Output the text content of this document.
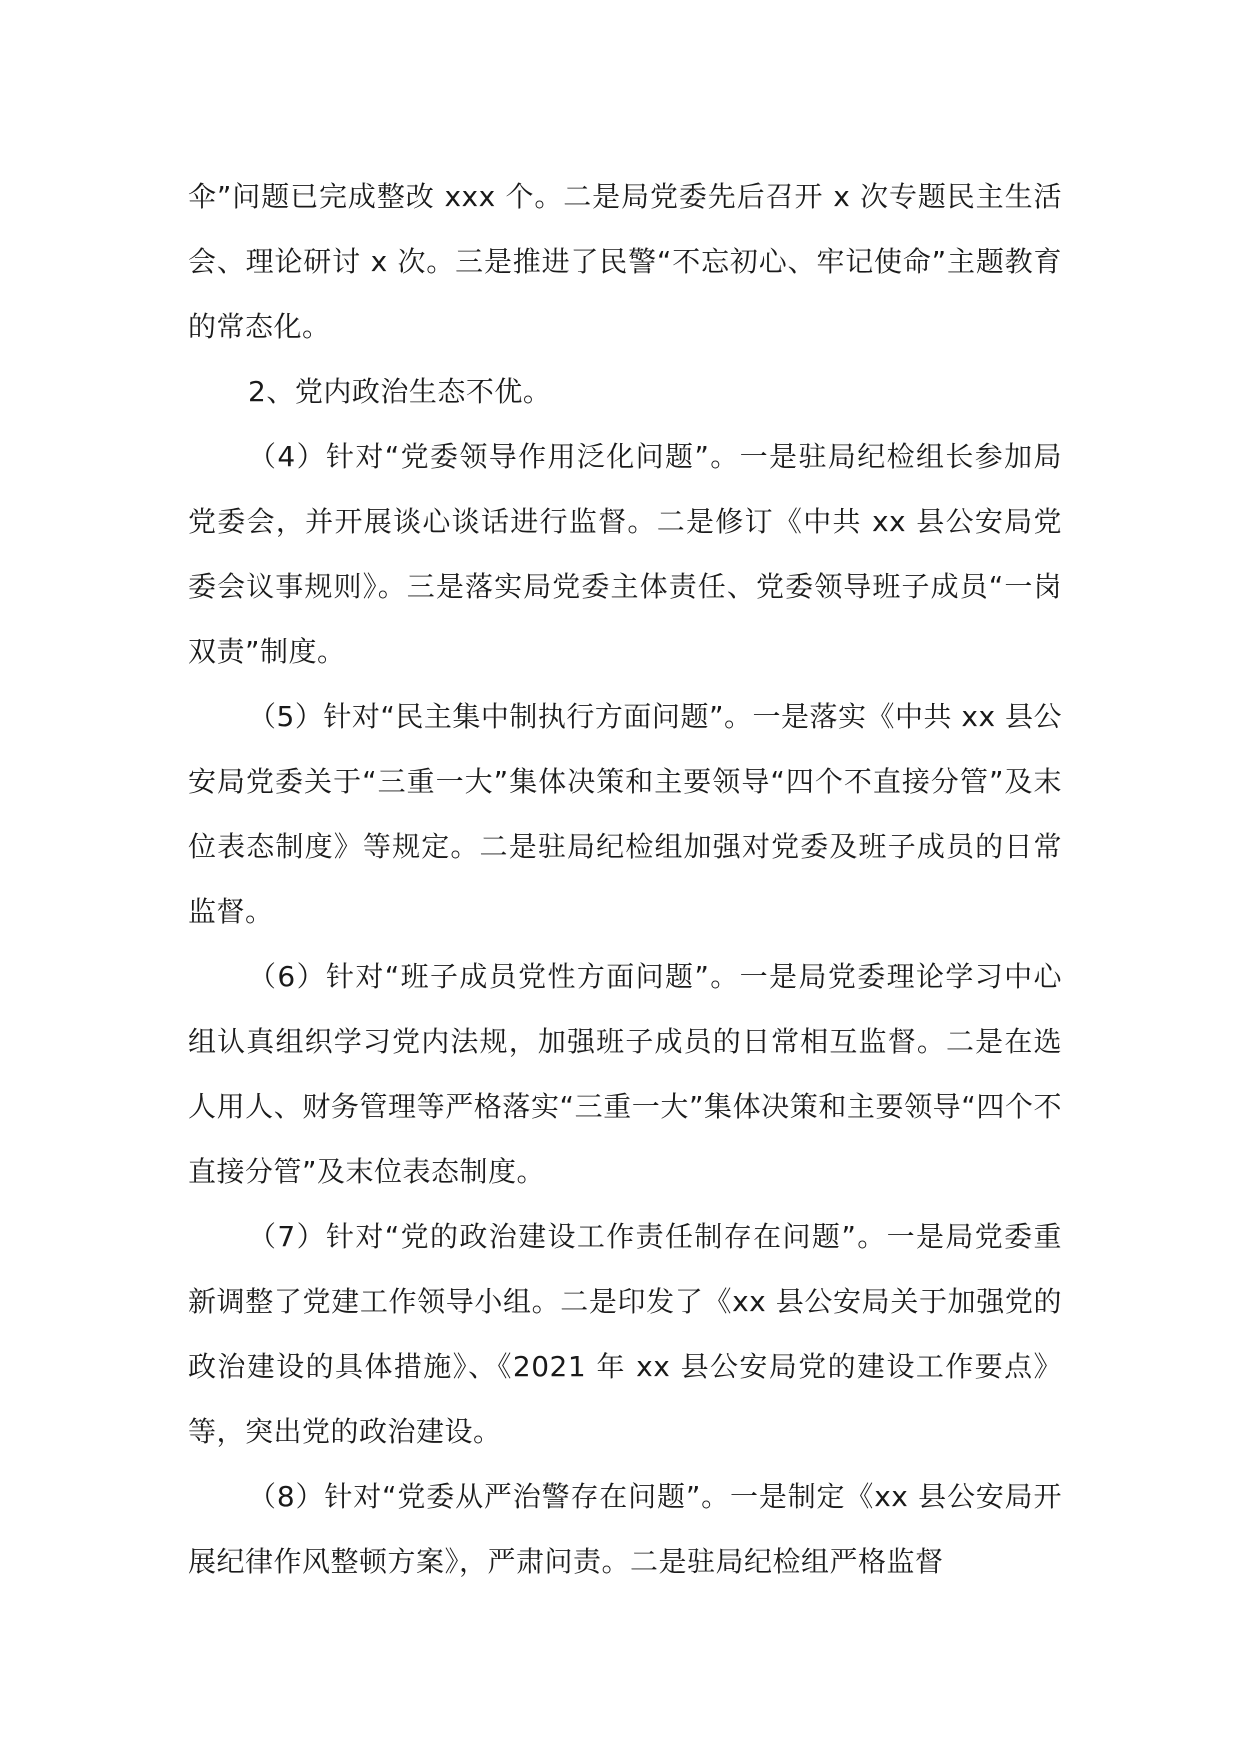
伞”问题已完成整改 xxx 个。二是局党委先后召开 x 次专题民主生活会、理论研讨 x 次。三是推进了民警“不忘初心、牢记使命”主题教育的常态化。

2、党内政治生态不优。

（4）针对“党委领导作用泛化问题”。一是驻局纪检组长参加局党委会，并开展谈心谈话进行监督。二是修订《中共 xx 县公安局党委会议事规则》。三是落实局党委主体责任、党委领导班子成员“一岗双责”制度。

（5）针对“民主集中制执行方面问题”。一是落实《中共 xx 县公安局党委关于“三重一大”集体决策和主要领导“四个不直接分管”及末位表态制度》等规定。二是驻局纪检组加强对党委及班子成员的日常监督。

（6）针对“班子成员党性方面问题”。一是局党委理论学习中心组认真组织学习党内法规，加强班子成员的日常相互监督。二是在选人用人、财务管理等严格落实“三重一大”集体决策和主要领导“四个不直接分管”及末位表态制度。

（7）针对“党的政治建设工作责任制存在问题”。一是局党委重新调整了党建工作领导小组。二是印发了《xx 县公安局关于加强党的政治建设的具体措施》、《2021 年 xx 县公安局党的建设工作要点》等，突出党的政治建设。

（8）针对“党委从严治警存在问题”。一是制定《xx 县公安局开展纪律作风整顿方案》，严肃问责。二是驻局纪检组严格监督
